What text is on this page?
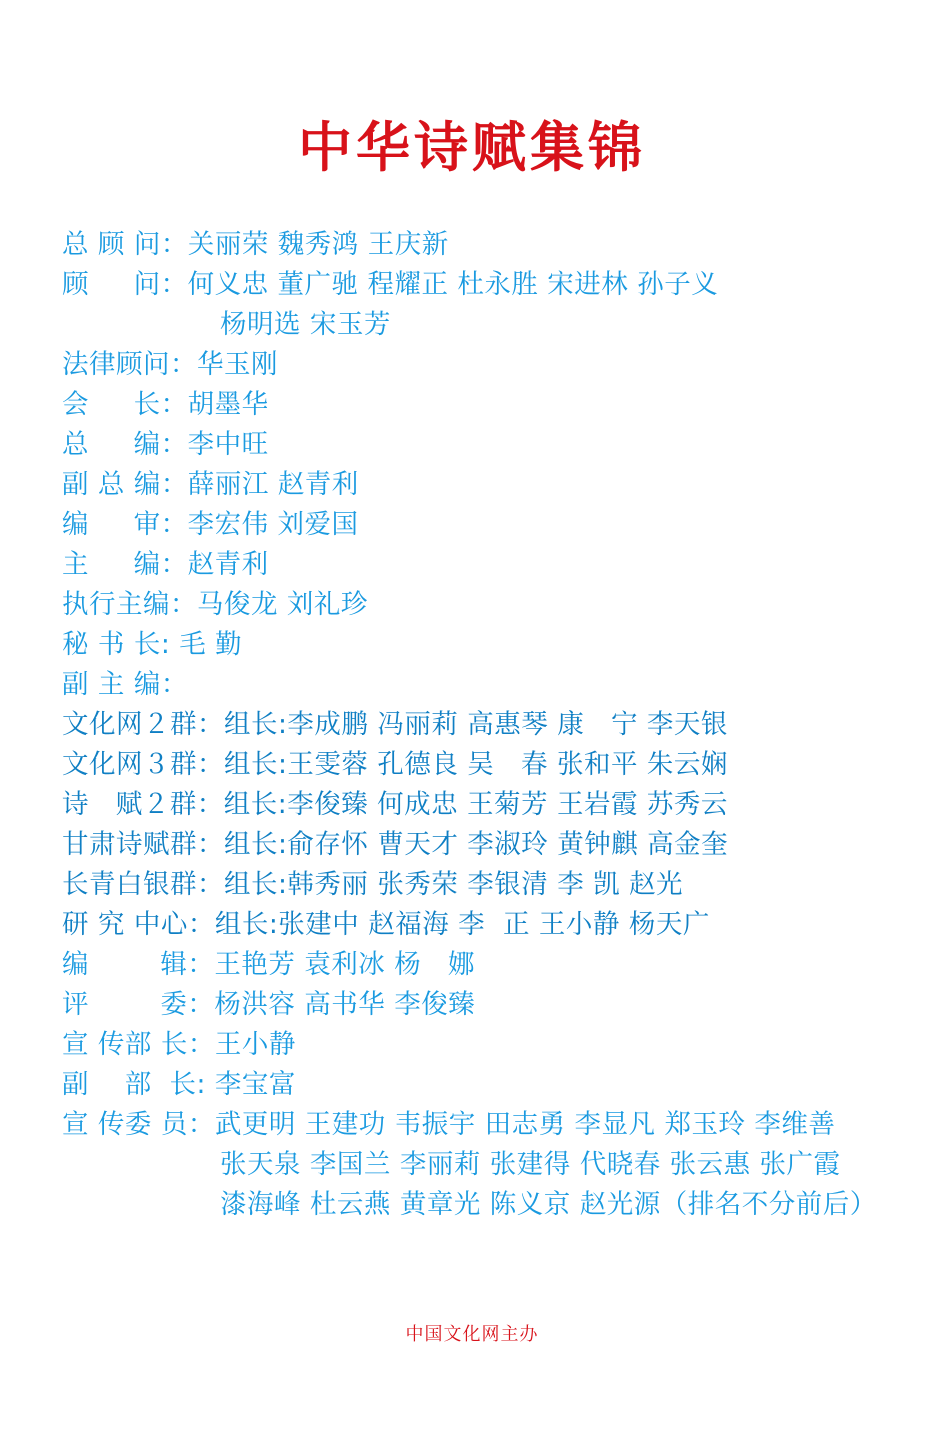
中华诗赋集锦
总 顾 问：关丽荣 魏秀鸿 王庆新
顾     问：何义忠 董广驰 程耀正 杜永胜 宋进林 孙子义
杨明选 宋玉芳
法律顾问：华玉刚
会     长：胡墨华
总     编：李中旺
副 总 编：薛丽江 赵青利
编     审：李宏伟 刘爱国
主     编：赵青利
执行主编：马俊龙 刘礼珍
秘 书 长: 毛 勤
副 主 编：
文化网２群：组长:李成鹏 冯丽莉 高惠琴 康   宁 李天银
文化网３群：组长:王雯蓉 孔德良 吴   春 张和平 朱云娴
诗   赋２群：组长:李俊臻 何成忠 王菊芳 王岩霞 苏秀云
甘肃诗赋群：组长:俞存怀 曹天才 李淑玲 黄钟麒 高金奎
长青白银群：组长:韩秀丽 张秀荣 李银清 李 凯 赵光
研 究 中心：组长:张建中 赵福海 李  正 王小静 杨天广
编        辑：王艳芳 袁利冰 杨   娜
评        委：杨洪容 高书华 李俊臻
宣 传部 长：王小静
副    部  长: 李宝富
宣 传委 员：武更明 王建功 韦振宇 田志勇 李显凡 郑玉玲 李维善
张天泉 李国兰 李丽莉 张建得 代晓春 张云惠 张广霞
漆海峰 杜云燕 黄章光 陈义京 赵光源（排名不分前后）
中国文化网主办
